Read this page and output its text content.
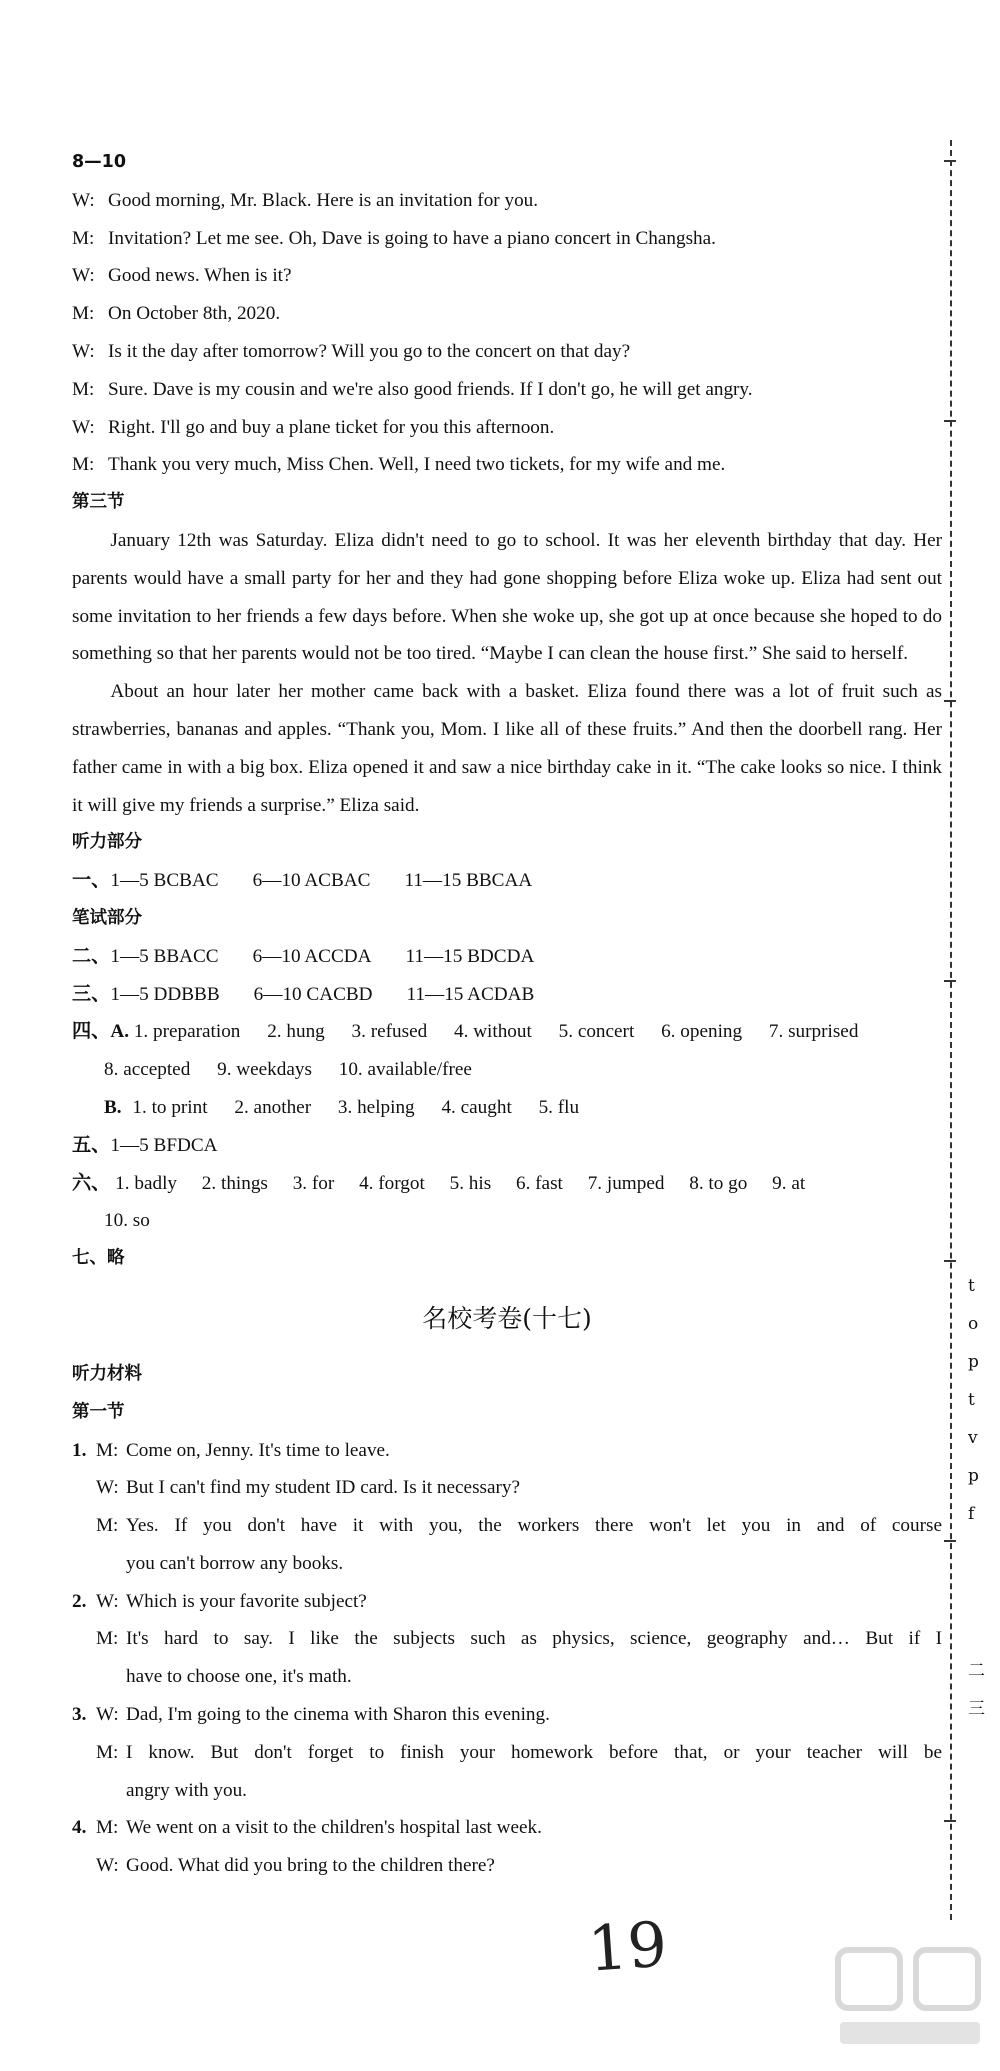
8—10
W: Good morning, Mr. Black. Here is an invitation for you.
M: Invitation? Let me see. Oh, Dave is going to have a piano concert in Changsha.
W: Good news. When is it?
M: On October 8th, 2020.
W: Is it the day after tomorrow? Will you go to the concert on that day?
M: Sure. Dave is my cousin and we're also good friends. If I don't go, he will get angry.
W: Right. I'll go and buy a plane ticket for you this afternoon.
M: Thank you very much, Miss Chen. Well, I need two tickets, for my wife and me.
第三节

January 12th was Saturday. Eliza didn't need to go to school. It was her eleventh birthday that day. Her parents would have a small party for her and they had gone shopping before Eliza woke up. Eliza had sent out some invitation to her friends a few days before. When she woke up, she got up at once because she hoped to do something so that her parents would not be too tired. “Maybe I can clean the house first.” She said to herself.

About an hour later her mother came back with a basket. Eliza found there was a lot of fruit such as strawberries, bananas and apples. “Thank you, Mom. I like all of these fruits.” And then the doorbell rang. Her father came in with a big box. Eliza opened it and saw a nice birthday cake in it. “The cake looks so nice. I think it will give my friends a surprise.” Eliza said.

听力部分
一、1—5 BCBAC 6—10 ACBAC 11—15 BBCAA
笔试部分
二、1—5 BBACC 6—10 ACCDA 11—15 BDCDA
三、1—5 DDBBB 6—10 CACBD 11—15 ACDAB
四、A. 1. preparation 2. hung 3. refused 4. without 5. concert 6. opening 7. surprised
8. accepted 9. weekdays 10. available/free
B. 1. to print 2. another 3. helping 4. caught 5. flu
五、1—5 BFDCA
六、 1. badly 2. things 3. for 4. forgot 5. his 6. fast 7. jumped 8. to go 9. at
10. so
七、略
名校考卷(十七)
听力材料
第一节
1. M: Come on, Jenny. It's time to leave.
W: But I can't find my student ID card. Is it necessary?
M: Yes. If you don't have it with you, the workers there won't let you in and of course
you can't borrow any books.
2. W: Which is your favorite subject?
M: It's hard to say. I like the subjects such as physics, science, geography and… But if I
have to choose one, it's math.
3. W: Dad, I'm going to the cinema with Sharon this evening.
M: I know. But don't forget to finish your homework before that, or your teacher will be
angry with you.
4. M: We went on a visit to the children's hospital last week.
W: Good. What did you bring to the children there?
t
o
p
t
v
p
f
二
三
19
